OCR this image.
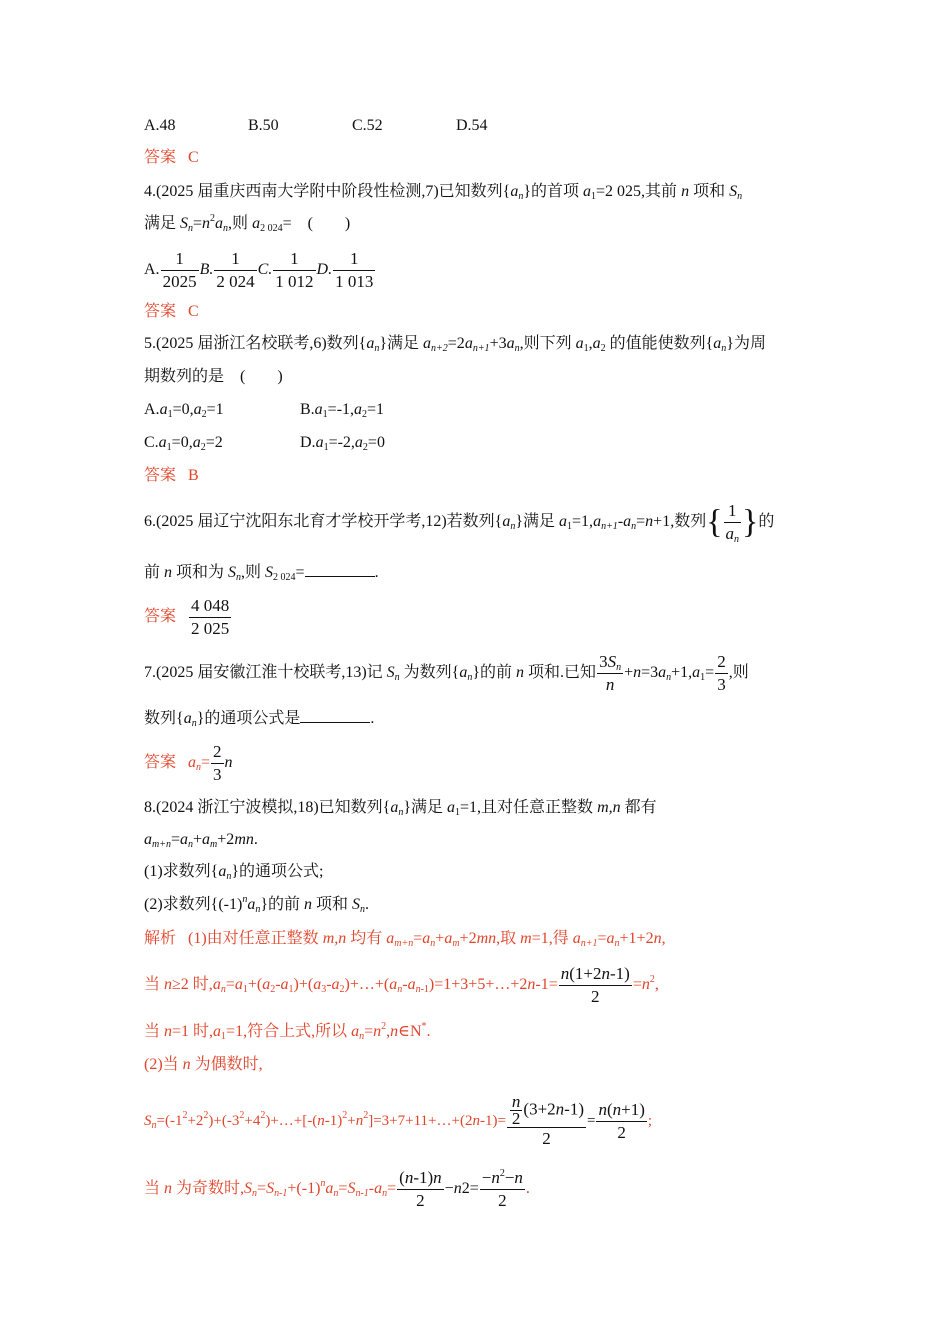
A.48	B.50	C.52	D.54
答案 C
4.(2025 届重庆西南大学附中阶段性检测,7)已知数列$\{a_n\}$的首项 $a_1=2$ 025,其前 n 项和 $S_n$
满足 $S_n=n^2a_n$,则 $a_{2 024}=$　(　　)
A. $\frac{1}{2025} B$. $\frac{1}{2 024} C$. $\frac{1}{1 012} D$. $\frac{1}{1 013}$
答案 C
5.(2025 届浙江名校联考,6)数列$\{a_n\}$满足 $a_{n+2}=2a_{n+1}+3a_n$,则下列 $a_1,a_2$ 的值能使数列$\{a_n\}$为周
期数列的是　(　　)
$A.a_1=0,a_2=1$	$B.a_1=-1,a_2=1$
$C.a_1=0,a_2=2$	$D.a_1=-2,a_2=0$
答案 B
6.(2025 届辽宁沈阳东北育才学校开学考,12)若数列$\{a_n\}$满足 $a_1=1,a_{n+1}-a_n=n+1$,数列{ $\frac{1}{a_n}$ }的
前 n 项和为 $S_n$,则 $S_{2 024}=$	.
答案 $\frac{4 048}{2 025}$
7.(2025 届安徽江淮十校联考,13)记 $S_n$ 为数列$\{a_n\}$的前 n 项和.已知 $\frac{3S_n}{n} +n=3a_n+1,a_1= \frac{2}{3}$ ,则
数列$\{a_n\}$的通项公式是	.
答案 $a_n= \frac{2}{3}$ n
8.(2024 浙江宁波模拟,18)已知数列$\{a_n\}$满足 $a_1=1$,且对任意正整数 m,n 都有
$a_{m+n}=a_n+a_m+2mn$.
(1)求数列$\{a_n\}$的通项公式;
(2)求数列$\{(-1)^na_n\}$的前 n 项和 $S_n$.
解析 (1)由对任意正整数 m,n 均有 $a_{m+n}=a_n+a_m+2mn$,取 m=1,得 $a_{n+1}=a_n+1+2n$,
当 n≥2 时$,a_n=a_1+(a_2-a_1)+(a_3-a_2)+\dots+(a_n-a_{n-1})=1+3+5+\dots+2n-1= \frac{n(1+2n-1)}{2} =n^2$,
当 n=1 时$,a_1=1$,符合上式,所以 $a_n=n^2,n\in N^*$.
(2)当 n 为偶数时,
$S_n=(-1^2+2^2)+(-3^2+4^2)+\dots+[-(n-1)^2+n^2]=3+7+11+\dots+(2n-1)= \frac{\frac{n}{2} (3+2n-1)}{2} = \frac{n(n+1)}{2}$ ;
当 n 为奇数时$,S_n=S_{n-1}+(-1)^na_n=S_{n-1}-a_n= \frac{(n-1)n}{2} -n2= \frac{-n^2-n}{2}$ .
